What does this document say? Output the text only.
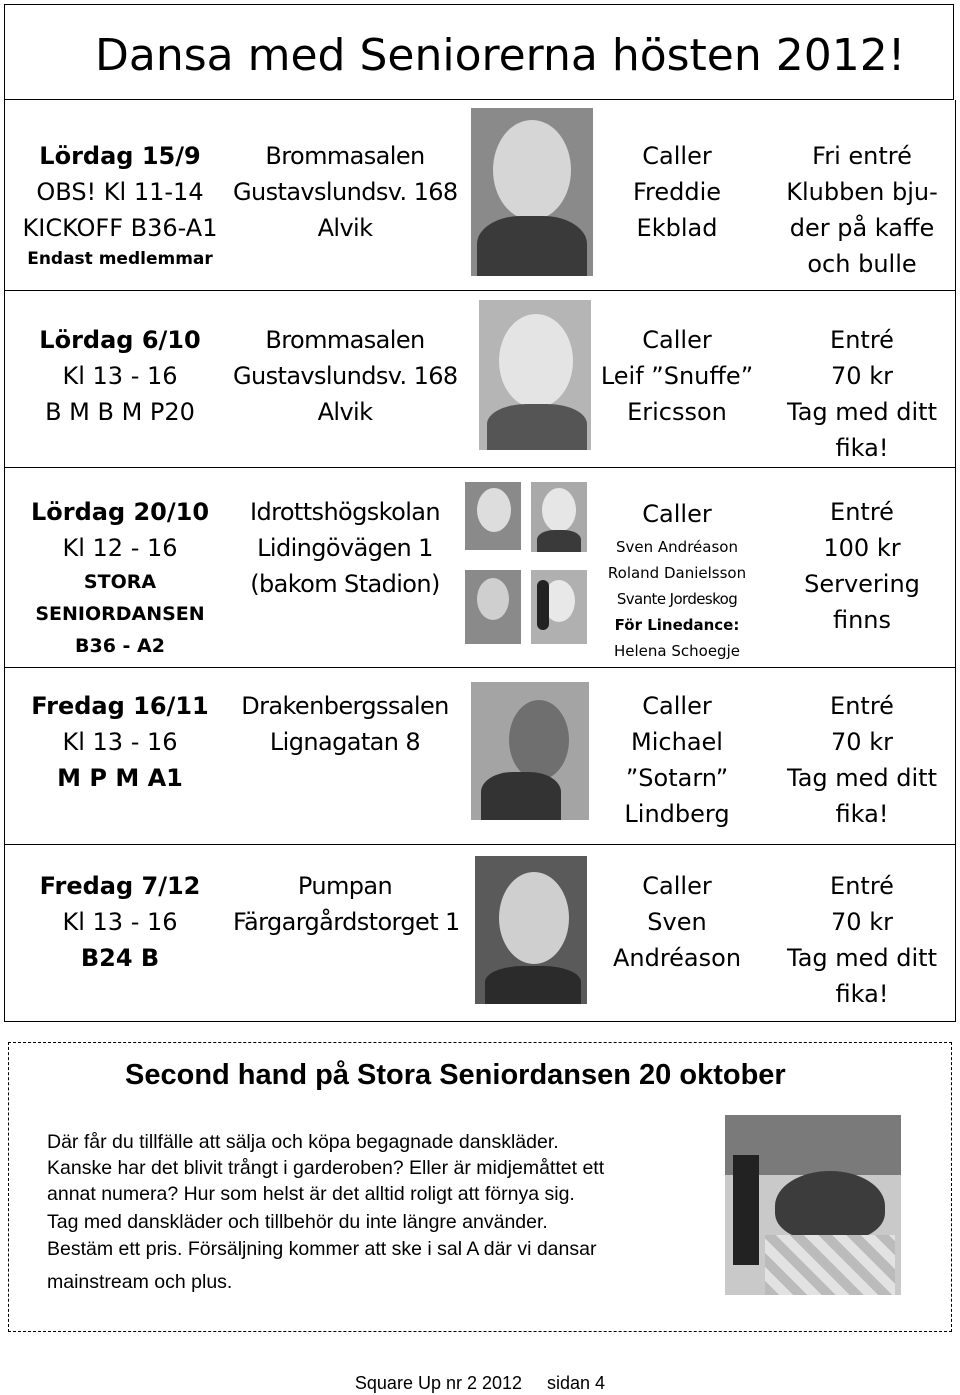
Dansa med Seniorerna hösten 2012!
Lördag 15/9
OBS! Kl 11-14
KICKOFF B36-A1
Endast medlemmar
Brommasalen
Gustavslundsv. 168
Alvik
Caller
Freddie
Ekblad
Fri entré
Klubben bju-
der på kaffe
och bulle
Lördag 6/10
Kl 13 - 16
B M B M P20
Brommasalen
Gustavslundsv. 168
Alvik
Caller
Leif ”Snuffe”
Ericsson
Entré
70 kr
Tag med ditt
fika!
Lördag 20/10
Kl 12 - 16
STORA
SENIORDANSEN
B36 - A2
Idrottshögskolan
Lidingövägen 1
(bakom Stadion)
Caller
Sven Andréason
Roland Danielsson
Svante Jordeskog
För Linedance:
Helena Schoegje
Entré
100 kr
Servering
finns
Fredag 16/11
Kl 13 - 16
M P M A1
Drakenbergssalen
Lignagatan 8
Caller
Michael
”Sotarn”
Lindberg
Entré
70 kr
Tag med ditt
fika!
Fredag 7/12
Kl 13 - 16
B24 B
Pumpan
Färgargårdstorget 1
Caller
Sven
Andréason
Entré
70 kr
Tag med ditt
fika!
Second hand på Stora Seniordansen 20 oktober
Där får du tillfälle att sälja och köpa begagnade danskläder.
Kanske har det blivit trångt i garderoben? Eller är midjemåttet ett
annat numera? Hur som helst är det alltid roligt att förnya sig.
Tag med danskläder och tillbehör du inte längre använder.
Bestäm ett pris. Försäljning kommer att ske i sal A där vi dansar
mainstream och plus.
Square Up nr 2 2012     sidan 4
